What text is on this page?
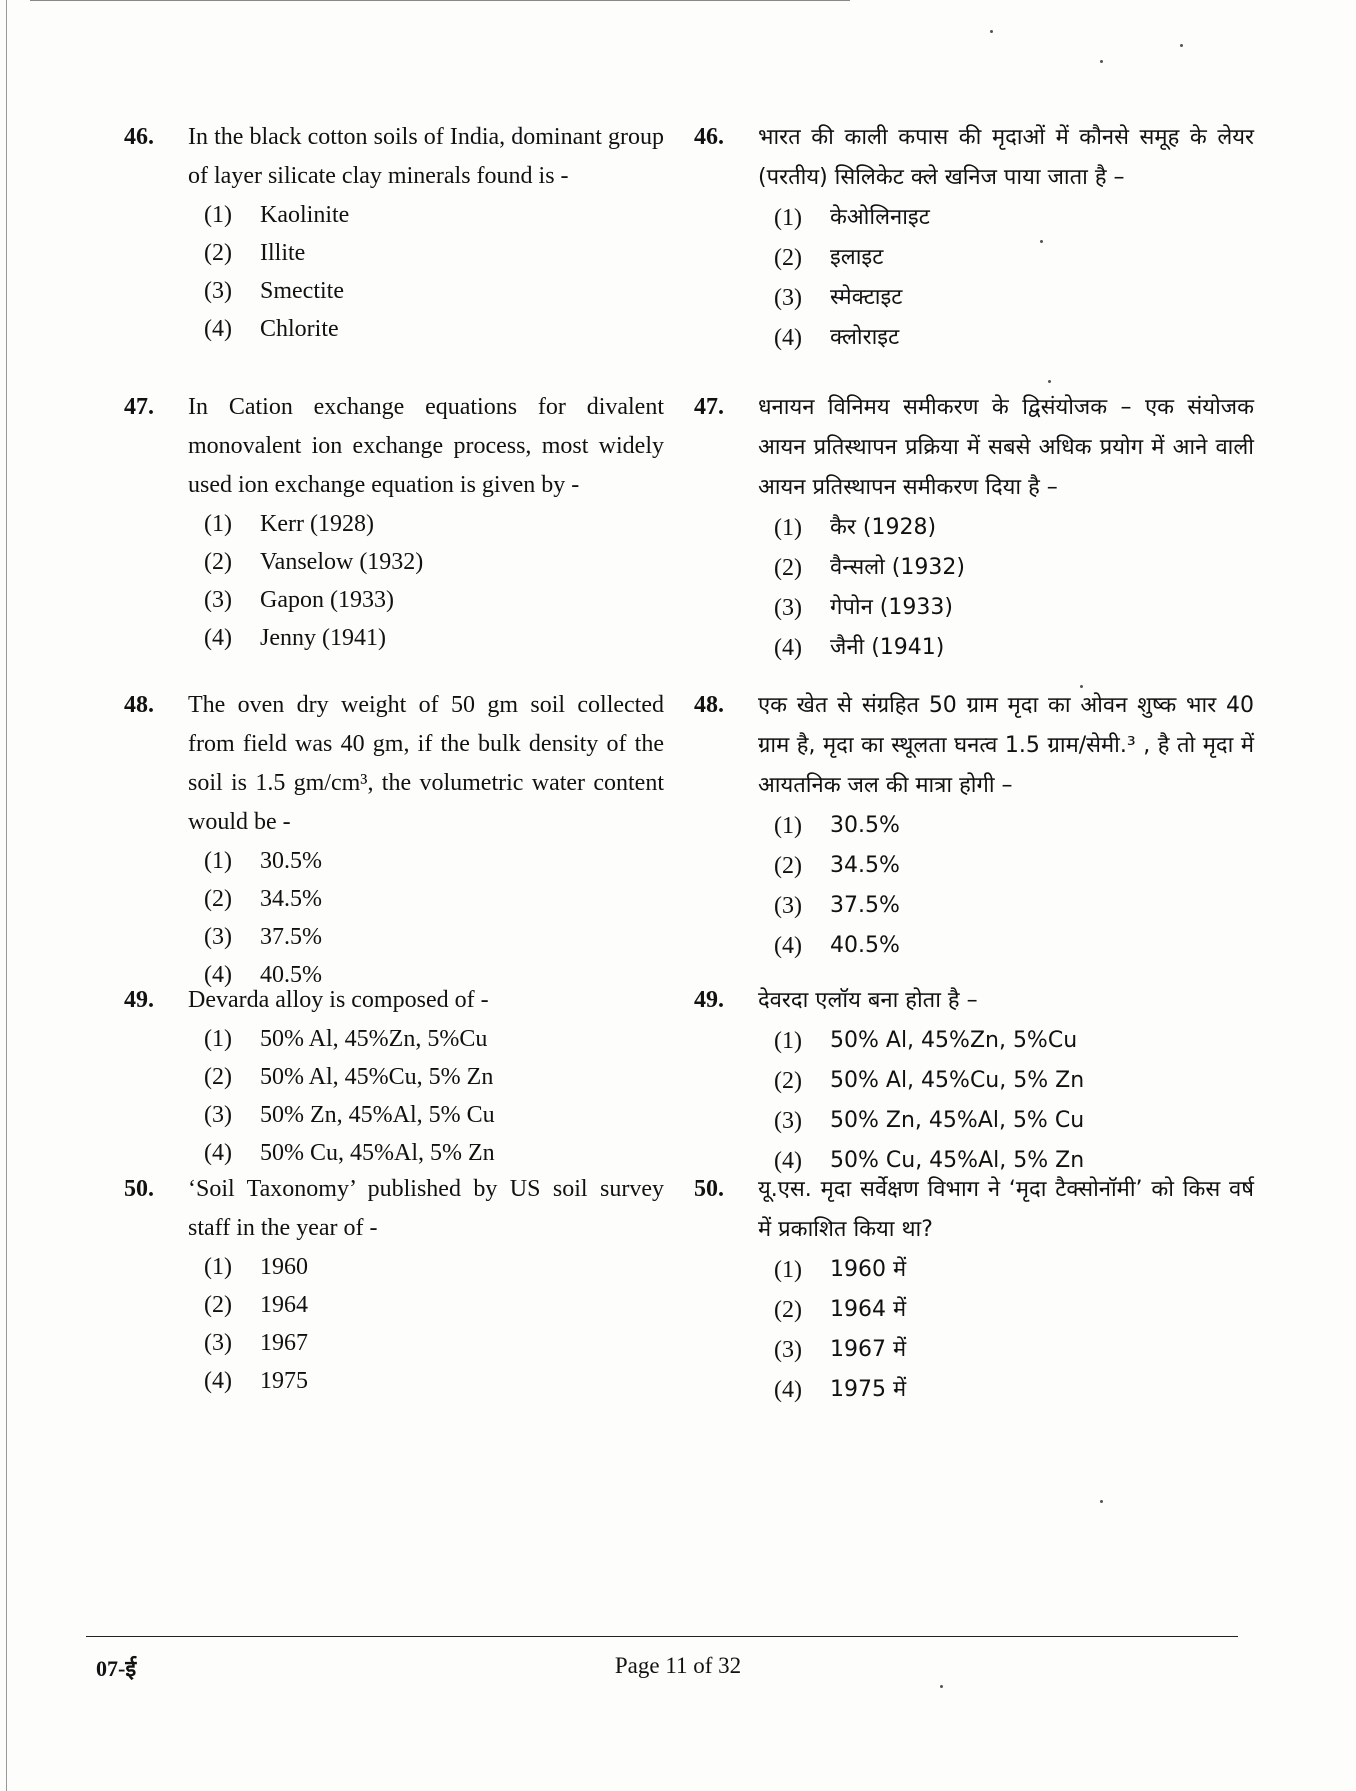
46. In the black cotton soils of India, dominant group of layer silicate clay minerals found is -
(1) Kaolinite
(2) Illite
(3) Smectite
(4) Chlorite
47. In Cation exchange equations for divalent monovalent ion exchange process, most widely used ion exchange equation is given by -
(1) Kerr (1928)
(2) Vanselow (1932)
(3) Gapon (1933)
(4) Jenny (1941)
48. The oven dry weight of 50 gm soil collected from field was 40 gm, if the bulk density of the soil is 1.5 gm/cm³, the volumetric water content would be -
(1) 30.5%
(2) 34.5%
(3) 37.5%
(4) 40.5%
49. Devarda alloy is composed of -
(1) 50% Al, 45%Zn, 5%Cu
(2) 50% Al, 45%Cu, 5% Zn
(3) 50% Zn, 45%Al, 5% Cu
(4) 50% Cu, 45%Al, 5% Zn
50. ‘Soil Taxonomy’ published by US soil survey staff in the year of -
(1) 1960
(2) 1964
(3) 1967
(4) 1975
46. भारत की काली कपास की मृदाओं में कौनसे समूह के लेयर (परतीय) सिलिकेट क्ले खनिज पाया जाता है –
(1) केओलिनाइट
(2) इलाइट
(3) स्मेक्टाइट
(4) क्लोराइट
47. धनायन विनिमय समीकरण के द्विसंयोजक – एक संयोजक आयन प्रतिस्थापन प्रक्रिया में सबसे अधिक प्रयोग में आने वाली आयन प्रतिस्थापन समीकरण दिया है –
(1) कैर (1928)
(2) वैन्सलो (1932)
(3) गेपोन (1933)
(4) जैनी (1941)
48. एक खेत से संग्रहित 50 ग्राम मृदा का ओवन शुष्क भार 40 ग्राम है, मृदा का स्थूलता घनत्व 1.5 ग्राम/सेमी.³ , है तो मृदा में आयतनिक जल की मात्रा होगी –
(1) 30.5%
(2) 34.5%
(3) 37.5%
(4) 40.5%
49. देवरदा एलॉय बना होता है –
(1) 50% Al, 45%Zn, 5%Cu
(2) 50% Al, 45%Cu, 5% Zn
(3) 50% Zn, 45%Al, 5% Cu
(4) 50% Cu, 45%Al, 5% Zn
50. यू.एस. मृदा सर्वेक्षण विभाग ने ‘मृदा टैक्सोनॉमी’ को किस वर्ष में प्रकाशित किया था?
(1) 1960 में
(2) 1964 में
(3) 1967 में
(4) 1975 में
07-ई	Page 11 of 32
